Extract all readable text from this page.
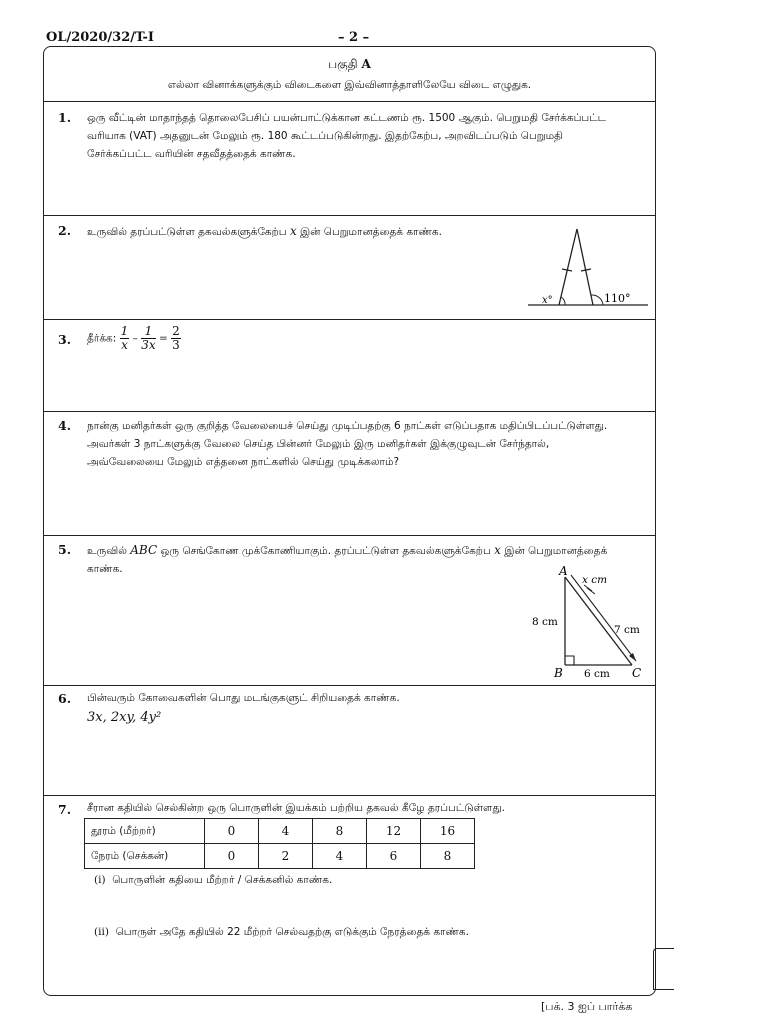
OL/2020/32/T-I	– 2 –
பகுதி A
எல்லா வினாக்களுக்கும் விடைகளை இவ்வினாத்தாளிலேயே விடை எழுதுக.
1. ஒரு வீட்டின் மாதாந்தத் தொலைபேசிப் பயன்பாட்டுக்கான கட்டணம் ரூ. 1500 ஆகும். பெறுமதி சேர்க்கப்பட்ட
வரியாக (VAT) அதனுடன் மேலும் ரூ. 180 கூட்டப்படுகின்றது. இதற்கேற்ப, அறவிடப்படும் பெறுமதி
சேர்க்கப்பட்ட வரியின் சதவீதத்தைக் காண்க.
2. உருவில் தரப்பட்டுள்ள தகவல்களுக்கேற்ப x இன் பெறுமானத்தைக் காண்க.
x°	110°
3. தீர்க்க: $\frac{1}{x} - \frac{1}{3x} = \frac{2}{3}$
4. நான்கு மனிதர்கள் ஒரு குறித்த வேலையைச் செய்து முடிப்பதற்கு 6 நாட்கள் எடுப்பதாக மதிப்பிடப்பட்டுள்ளது.
அவர்கள் 3 நாட்களுக்கு வேலை செய்த பின்னர் மேலும் இரு மனிதர்கள் இக்குழுவுடன் சேர்ந்தால்,
அவ்வேலையை மேலும் எத்தனை நாட்களில் செய்து முடிக்கலாம்?
5. உருவில் ABC ஒரு செங்கோண முக்கோணியாகும். தரப்பட்டுள்ள தகவல்களுக்கேற்ப x இன் பெறுமானத்தைக்
காண்க.	A
B	C
x cm
8 cm
7 cm
6 cm
6. பின்வரும் கோவைகளின் பொது மடங்குகளுட் சிறியதைக் காண்க.
3x, 2xy, 4y²
7. சீரான கதியில் செல்கின்ற ஒரு பொருளின் இயக்கம் பற்றிய தகவல் கீழே தரப்பட்டுள்ளது.
தூரம் (மீற்றர்)	0	4	8	12	16
நேரம் (செக்கன்)	0	2	4	6	8
(i) பொருளின் கதியை மீற்றர் / செக்கனில் காண்க.
(ii) பொருள் அதே கதியில் 22 மீற்றர் செல்வதற்கு எடுக்கும் நேரத்தைக் காண்க.
[பக். 3 ஐப் பார்க்க
